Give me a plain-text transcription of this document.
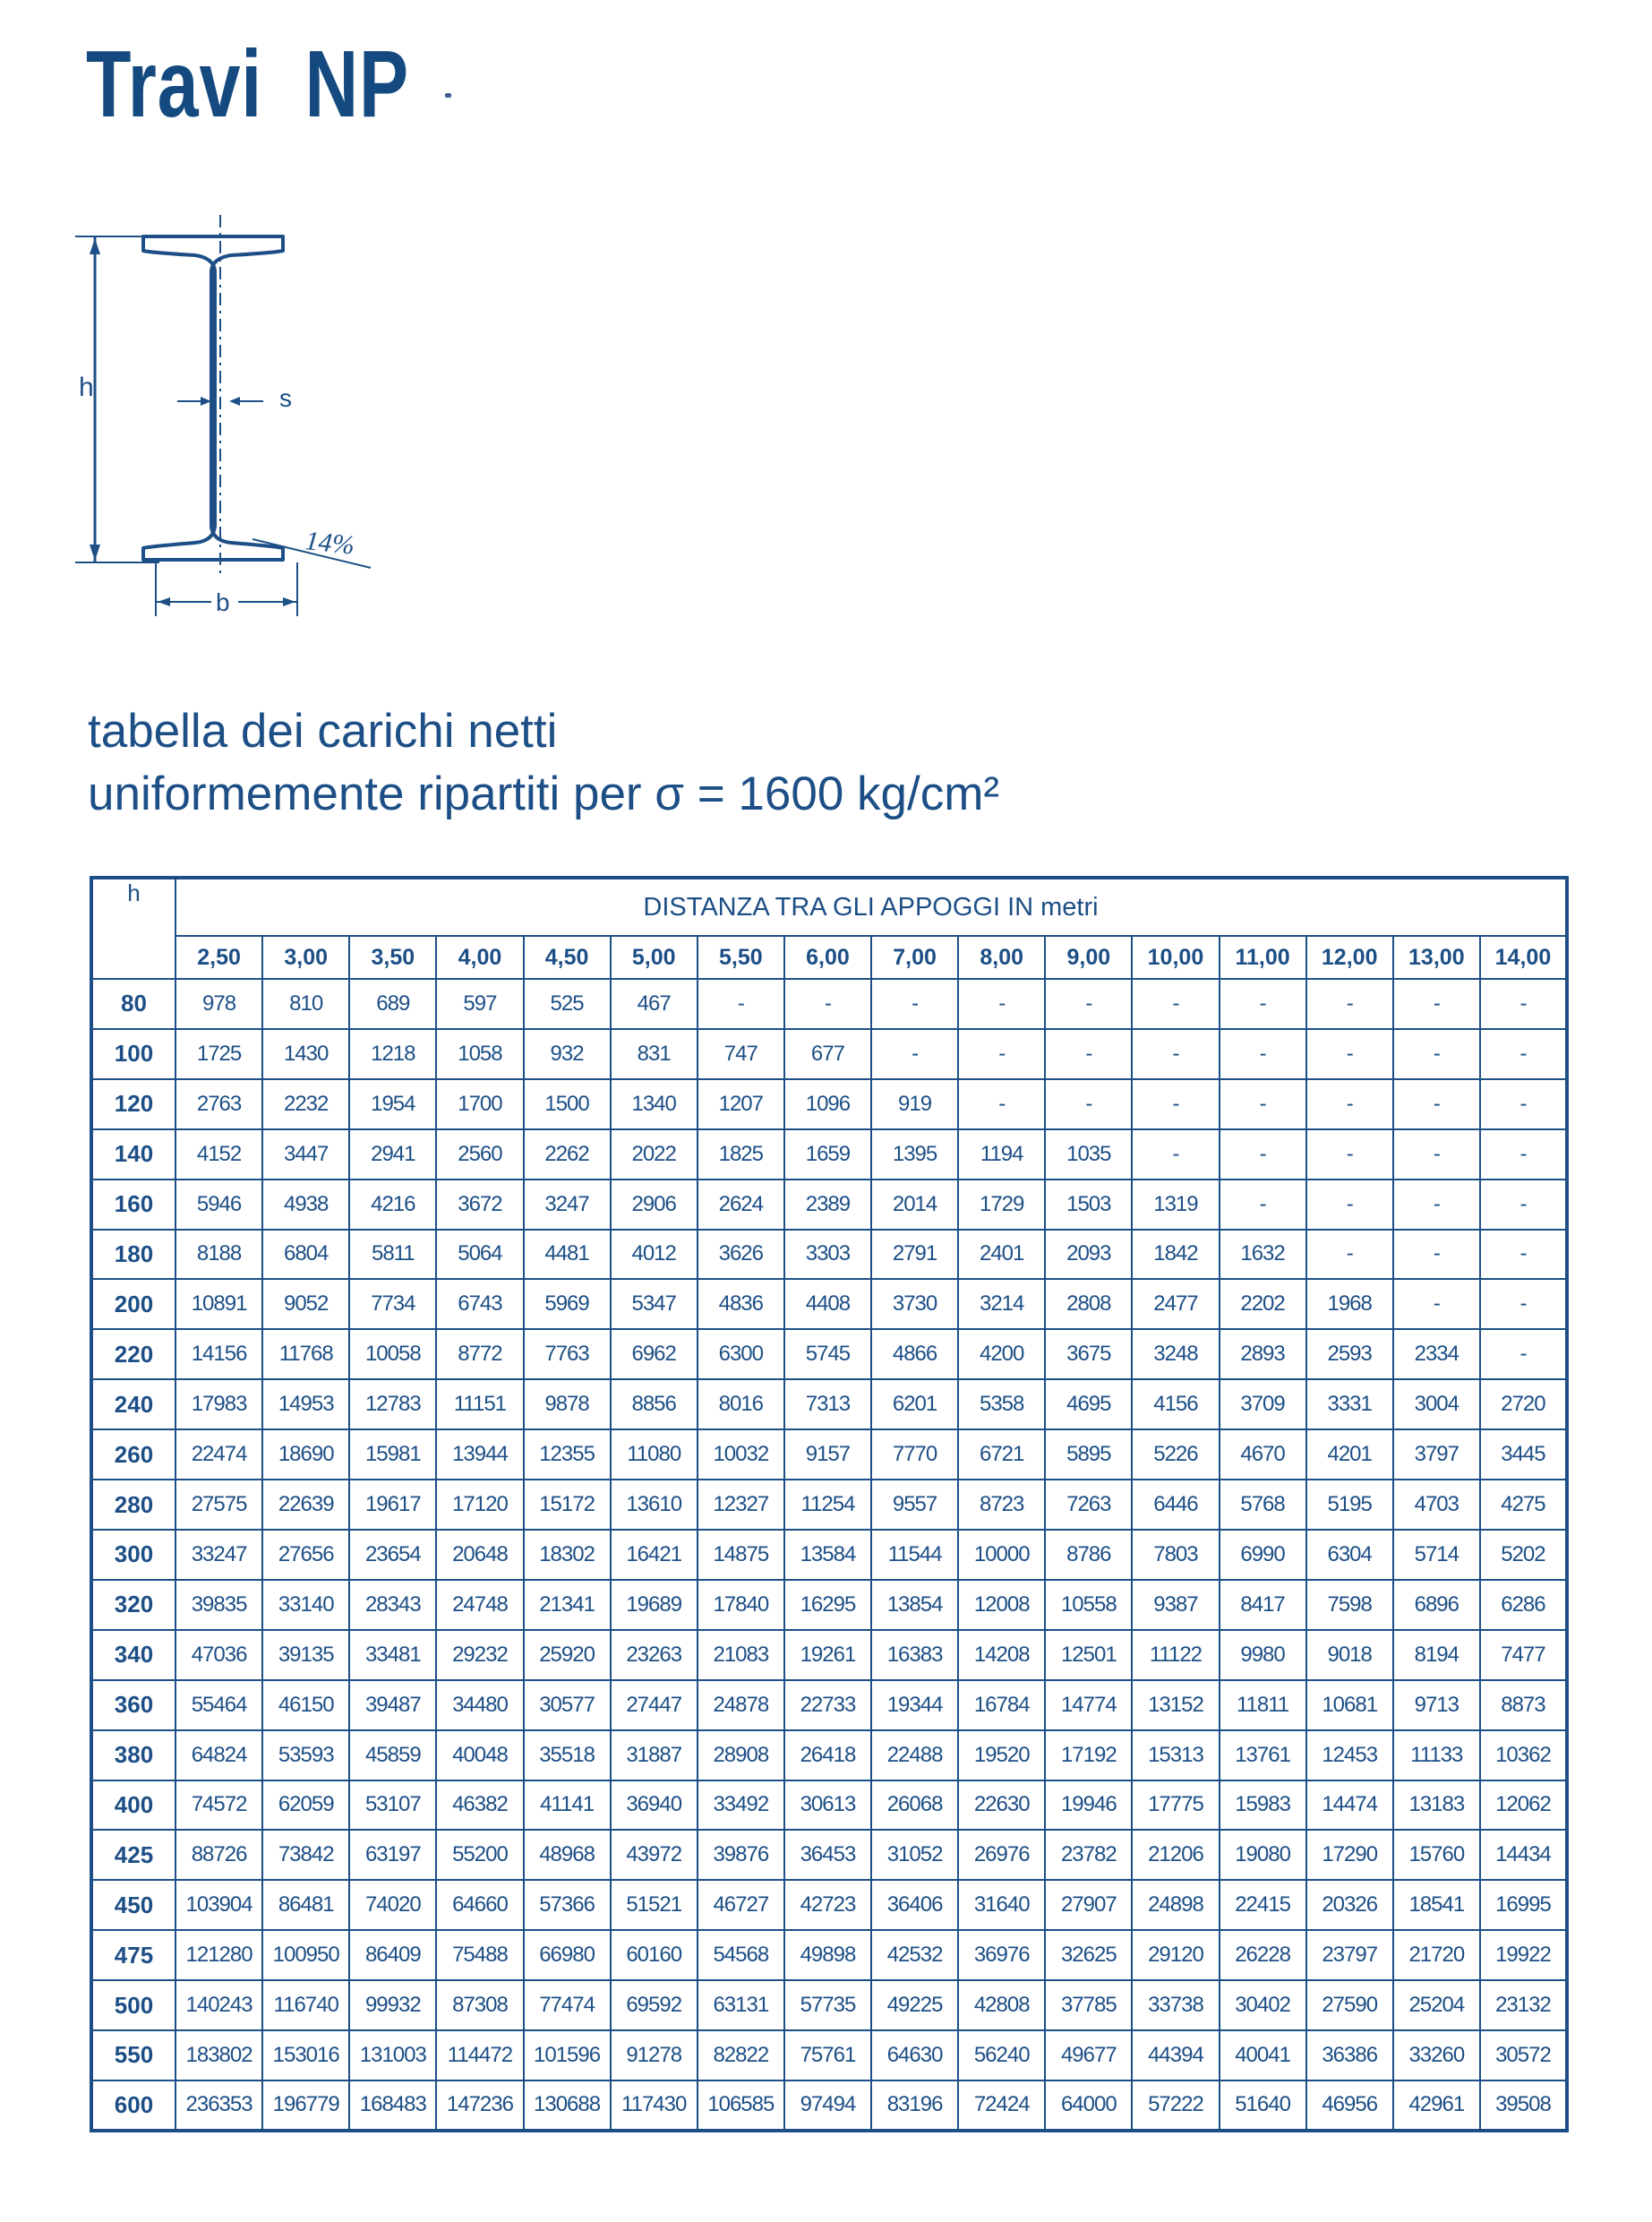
Travi  NP
h	s
b
14%
tabella dei carichi netti
uniformemente ripartiti per σ = 1600 kg/cm²
h	DISTANZA TRA GLI APPOGGI IN metri															
	2,50	3,00	3,50	4,00	4,50	5,00	5,50	6,00	7,00	8,00	9,00	10,00	11,00	12,00	13,00	14,00
80	978	810	689	597	525	467	-	-	-	-	-	-	-	-	-	-
100	1725	1430	1218	1058	932	831	747	677	-	-	-	-	-	-	-	-
120	2763	2232	1954	1700	1500	1340	1207	1096	919	-	-	-	-	-	-	-
140	4152	3447	2941	2560	2262	2022	1825	1659	1395	1194	1035	-	-	-	-	-
160	5946	4938	4216	3672	3247	2906	2624	2389	2014	1729	1503	1319	-	-	-	-
180	8188	6804	5811	5064	4481	4012	3626	3303	2791	2401	2093	1842	1632	-	-	-
200	10891	9052	7734	6743	5969	5347	4836	4408	3730	3214	2808	2477	2202	1968	-	-
220	14156	11768	10058	8772	7763	6962	6300	5745	4866	4200	3675	3248	2893	2593	2334	-
240	17983	14953	12783	11151	9878	8856	8016	7313	6201	5358	4695	4156	3709	3331	3004	2720
260	22474	18690	15981	13944	12355	11080	10032	9157	7770	6721	5895	5226	4670	4201	3797	3445
280	27575	22639	19617	17120	15172	13610	12327	11254	9557	8723	7263	6446	5768	5195	4703	4275
300	33247	27656	23654	20648	18302	16421	14875	13584	11544	10000	8786	7803	6990	6304	5714	5202
320	39835	33140	28343	24748	21341	19689	17840	16295	13854	12008	10558	9387	8417	7598	6896	6286
340	47036	39135	33481	29232	25920	23263	21083	19261	16383	14208	12501	11122	9980	9018	8194	7477
360	55464	46150	39487	34480	30577	27447	24878	22733	19344	16784	14774	13152	11811	10681	9713	8873
380	64824	53593	45859	40048	35518	31887	28908	26418	22488	19520	17192	15313	13761	12453	11133	10362
400	74572	62059	53107	46382	41141	36940	33492	30613	26068	22630	19946	17775	15983	14474	13183	12062
425	88726	73842	63197	55200	48968	43972	39876	36453	31052	26976	23782	21206	19080	17290	15760	14434
450	103904	86481	74020	64660	57366	51521	46727	42723	36406	31640	27907	24898	22415	20326	18541	16995
475	121280	100950	86409	75488	66980	60160	54568	49898	42532	36976	32625	29120	26228	23797	21720	19922
500	140243	116740	99932	87308	77474	69592	63131	57735	49225	42808	37785	33738	30402	27590	25204	23132
550	183802	153016	131003	114472	101596	91278	82822	75761	64630	56240	49677	44394	40041	36386	33260	30572
600	236353	196779	168483	147236	130688	117430	106585	97494	83196	72424	64000	57222	51640	46956	42961	39508
